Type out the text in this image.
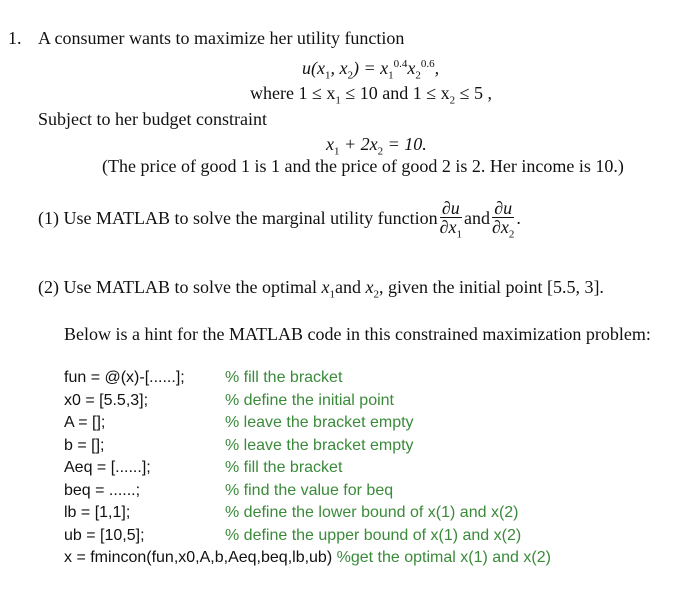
1. A consumer wants to maximize her utility function
$u(x_1$, $x_2) = x_1^{0.4}x_2^{0.6}$,
where $1 \le x_1 \le 10$ and $1 \le x_2 \le 5$ ,
Subject to her budget constraint
$x_1 + 2x_2 = 10$.
(The price of good 1 is 1 and the price of good 2 is 2. Her income is 10.)
(1) Use MATLAB to solve the marginal utility function $\frac{\partial u}{\partial x_1}$ and $\frac{\partial u}{\partial x_2}$ .
(2) Use MATLAB to solve the optimal $x_1and$ $x_2$, given the initial point [5.5, 3].
Below is a hint for the MATLAB code in this constrained maximization problem:
fun = @(x)-[......];	% fill the bracket
x0 = [5.5,3];	% define the initial point
A = [];	% leave the bracket empty
b = [];	% leave the bracket empty
Aeq = [......];	% fill the bracket
beq = ......;	% find the value for beq
lb = [1,1];	% define the lower bound of x(1) and x(2)
ub = [10,5];	% define the upper bound of x(1) and x(2)
x = fmincon(fun,x0,A,b,Aeq,beq,lb,ub) %get the optimal x(1) and x(2)
